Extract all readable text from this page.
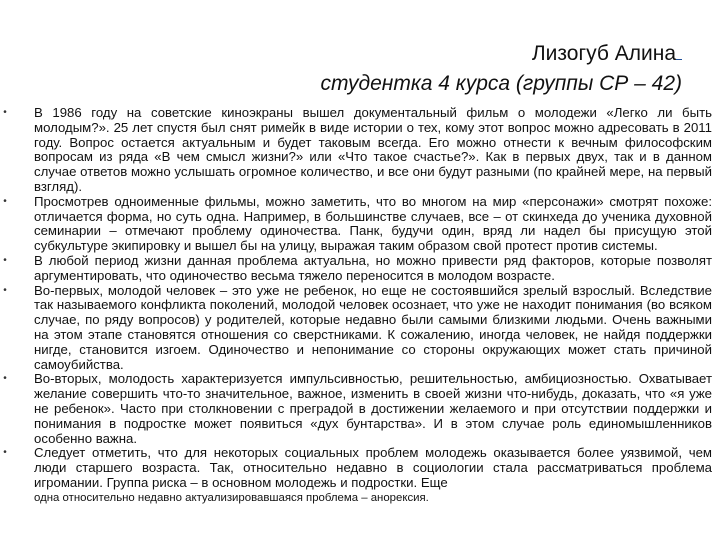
Лизогуб Алина
студентка 4 курса (группы СР – 42)
• В 1986 году на советские киноэкраны вышел документальный фильм о молодежи «Легко ли быть молодым?». 25 лет спустя был снят римейк в виде истории о тех, кому этот вопрос можно адресовать в 2011 году. Вопрос остается актуальным и будет таковым всегда. Его можно отнести к вечным философским вопросам из ряда «В чем смысл жизни?» или «Что такое счастье?». Как в первых двух, так и в данном случае ответов можно услышать огромное количество, и все они будут разными (по крайней мере, на первый взгляд).
• Просмотрев одноименные фильмы, можно заметить, что во многом на мир «персонажи» смотрят похоже: отличается форма, но суть одна. Например, в большинстве случаев, все – от скинхеда до ученика духовной семинарии – отмечают проблему одиночества. Панк, будучи один, вряд ли надел бы присущую этой субкультуре экипировку и вышел бы на улицу, выражая таким образом свой протест против системы.
• В любой период жизни данная проблема актуальна, но можно привести ряд факторов, которые позволят аргументировать, что одиночество весьма тяжело переносится в молодом возрасте.
• Во-первых, молодой человек – это уже не ребенок, но еще не состоявшийся зрелый взрослый. Вследствие так называемого конфликта поколений, молодой человек осознает, что уже не находит понимания (во всяком случае, по ряду вопросов) у родителей, которые недавно были самыми близкими людьми. Очень важными на этом этапе становятся отношения со сверстниками. К сожалению, иногда человек, не найдя поддержки нигде, становится изгоем. Одиночество и непонимание со стороны окружающих может стать причиной самоубийства.
• Во-вторых, молодость характеризуется импульсивностью, решительностью, амбициозностью. Охватывает желание совершить что-то значительное, важное, изменить в своей жизни что-нибудь, доказать, что «я уже не ребенок». Часто при столкновении с преградой в достижении желаемого и при отсутствии поддержки и понимания в подростке может появиться «дух бунтарства». И в этом случае роль единомышленников особенно важна.
• Следует отметить, что для некоторых социальных проблем молодежь оказывается более уязвимой, чем люди старшего возраста. Так, относительно недавно в социологии стала рассматриваться проблема игромании. Группа риска – в основном молодежь и подростки. Еще
одна относительно недавно актуализировавшаяся проблема – анорексия.
